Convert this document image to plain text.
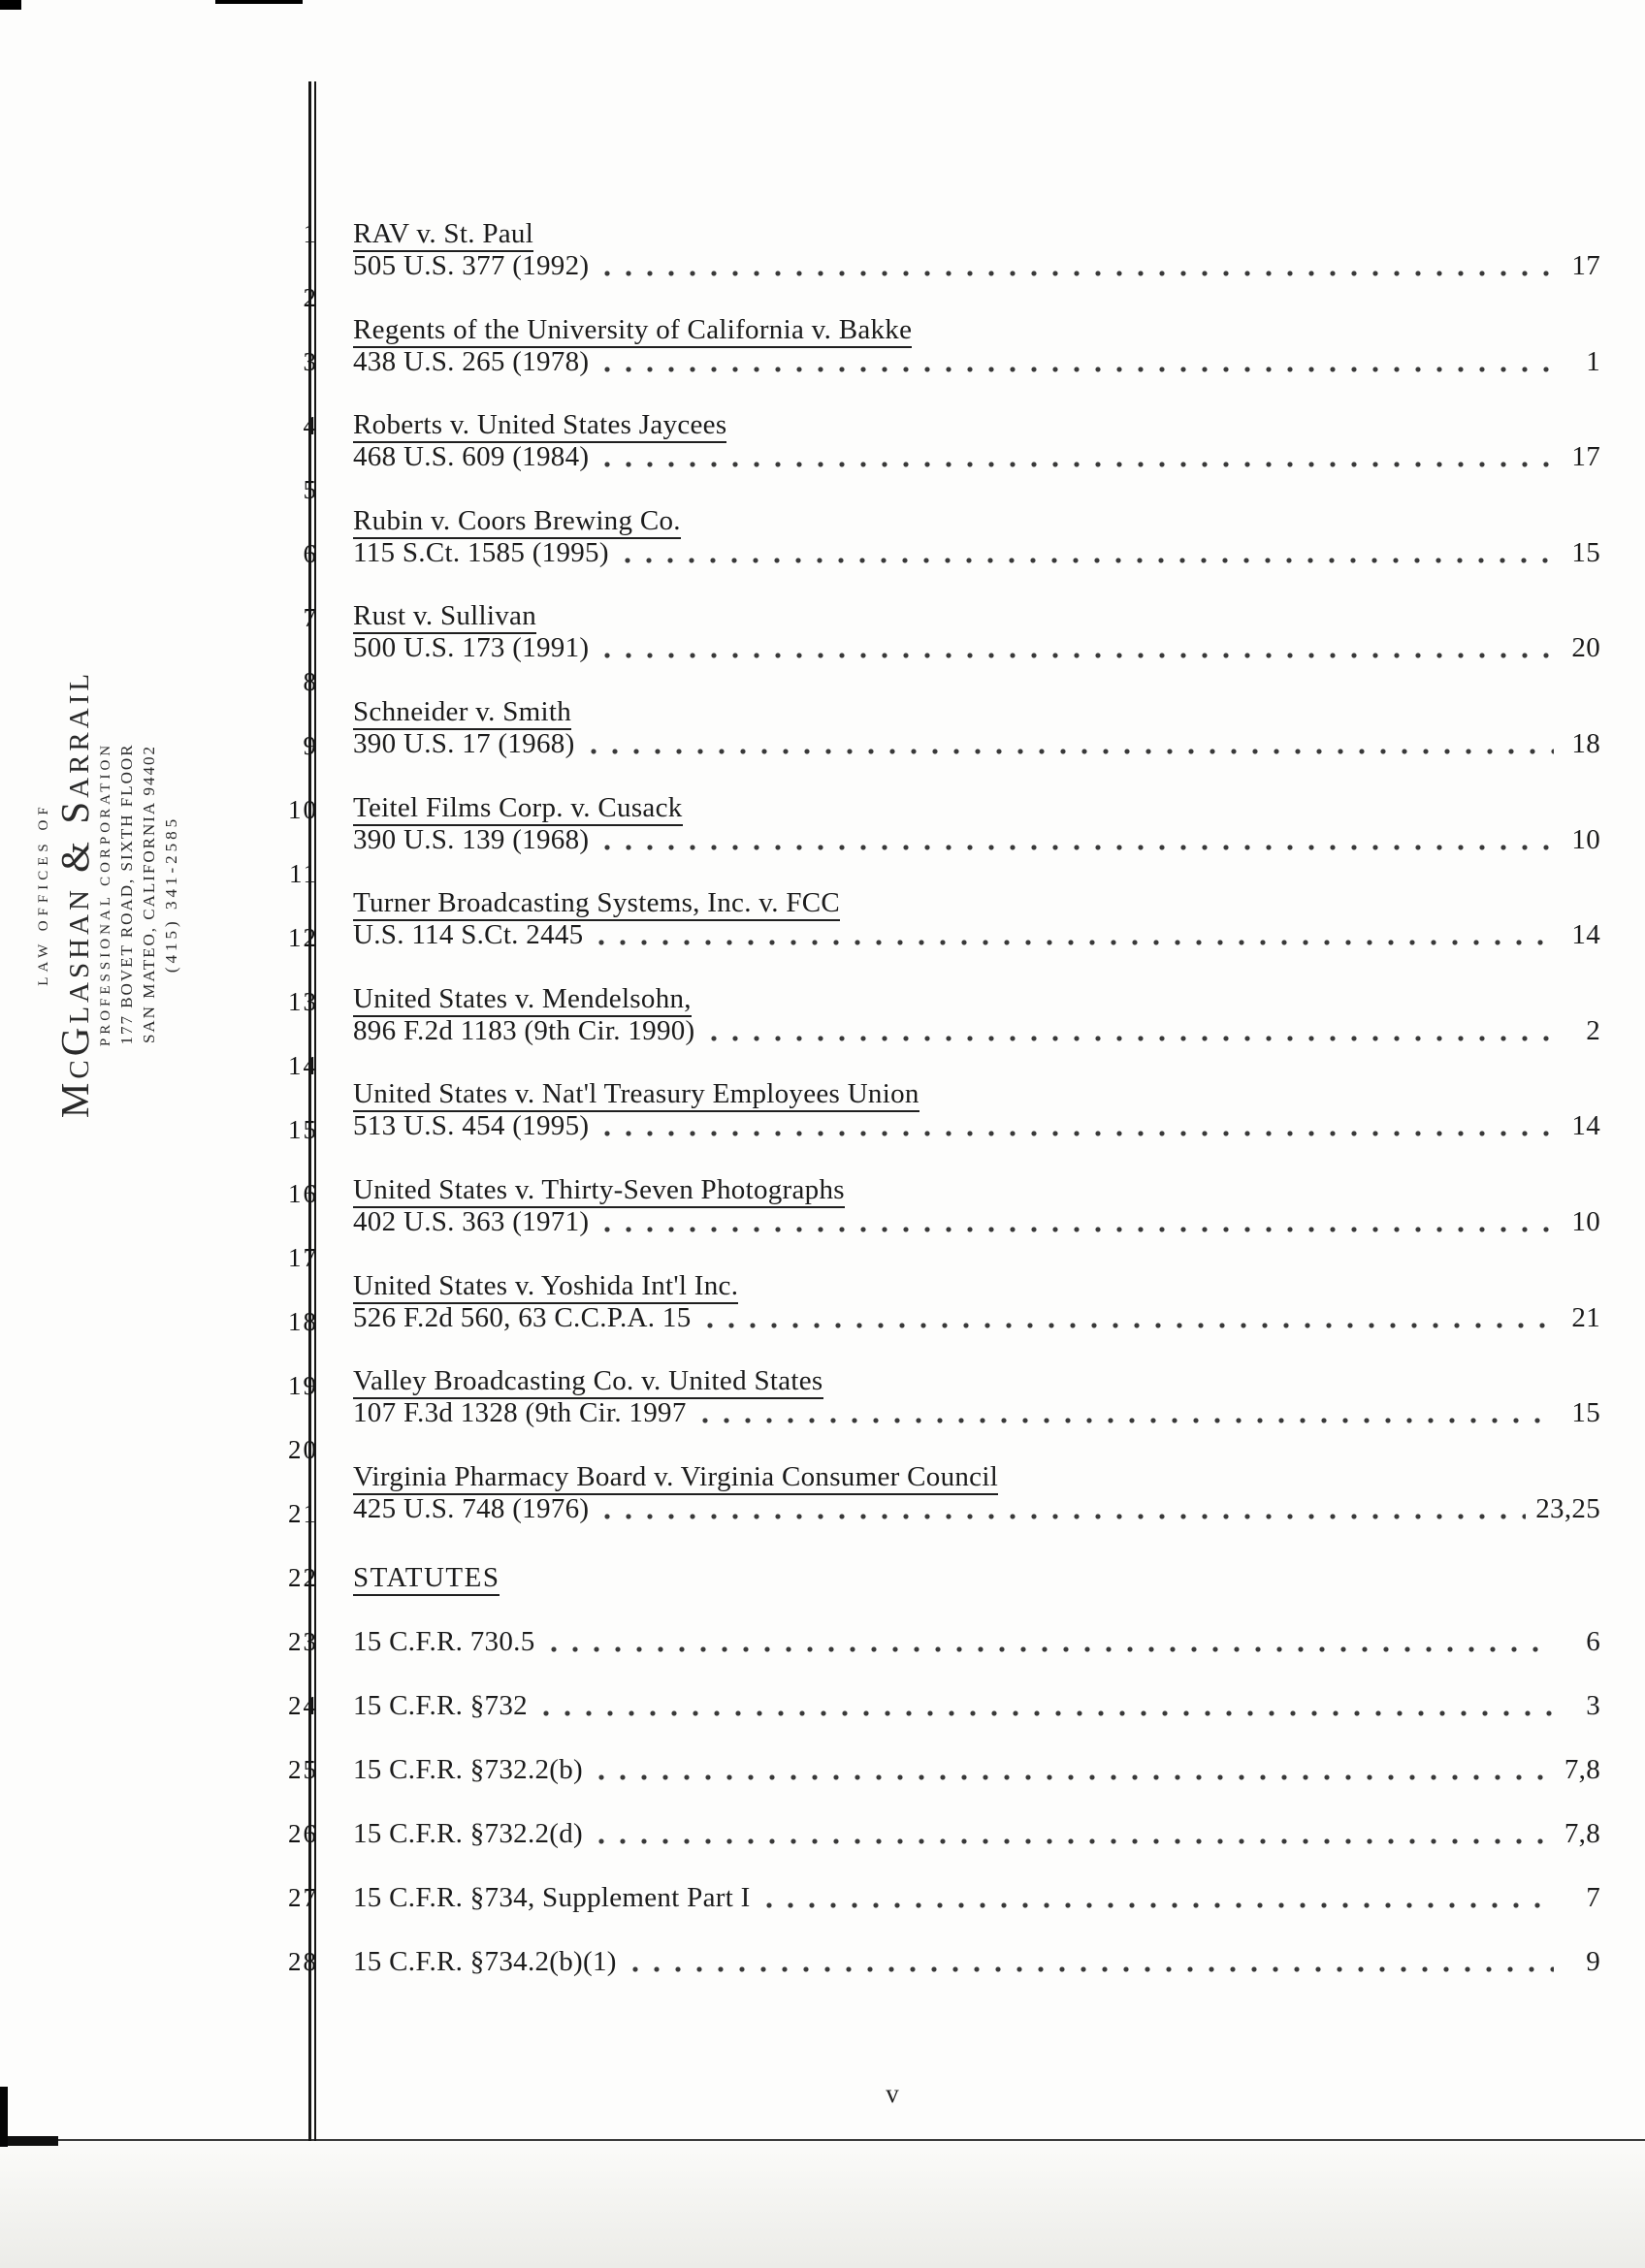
1
2
3
4
5
6
7
8
9
10
11
12
13
14
15
16
17
18
19
20
21
22
23
24
25
26
27
28
LAW OFFICES OF McGlashan & Sarrail PROFESSIONAL CORPORATION 177 BOVET ROAD, SIXTH FLOOR SAN MATEO, CALIFORNIA 94402 (415) 341-2585
RAV v. St. Paul
505 U.S. 377 (1992)	17
Regents of the University of California v. Bakke
438 U.S. 265 (1978)	1
Roberts v. United States Jaycees
468 U.S. 609 (1984)	17
Rubin v. Coors Brewing Co.
115 S.Ct. 1585 (1995)	15
Rust v. Sullivan
500 U.S. 173 (1991)	20
Schneider v. Smith
390 U.S. 17 (1968)	18
Teitel Films Corp. v. Cusack
390 U.S. 139 (1968)	10
Turner Broadcasting Systems, Inc. v. FCC
U.S. 114 S.Ct. 2445	14
United States v. Mendelsohn,
896 F.2d 1183 (9th Cir. 1990)	2
United States v. Nat'l Treasury Employees Union
513 U.S. 454 (1995)	14
United States v. Thirty-Seven Photographs
402 U.S. 363 (1971)	10
United States v. Yoshida Int'l Inc.
526 F.2d 560, 63 C.C.P.A. 15	21
Valley Broadcasting Co. v. United States
107 F.3d 1328 (9th Cir. 1997	15
Virginia Pharmacy Board v. Virginia Consumer Council
425 U.S. 748 (1976)	23,25
STATUTES
15 C.F.R. 730.5	6
15 C.F.R. §732	3
15 C.F.R. §732.2(b)	7,8
15 C.F.R. §732.2(d)	7,8
15 C.F.R. §734, Supplement Part I	7
15 C.F.R. §734.2(b)(1)	9
v
